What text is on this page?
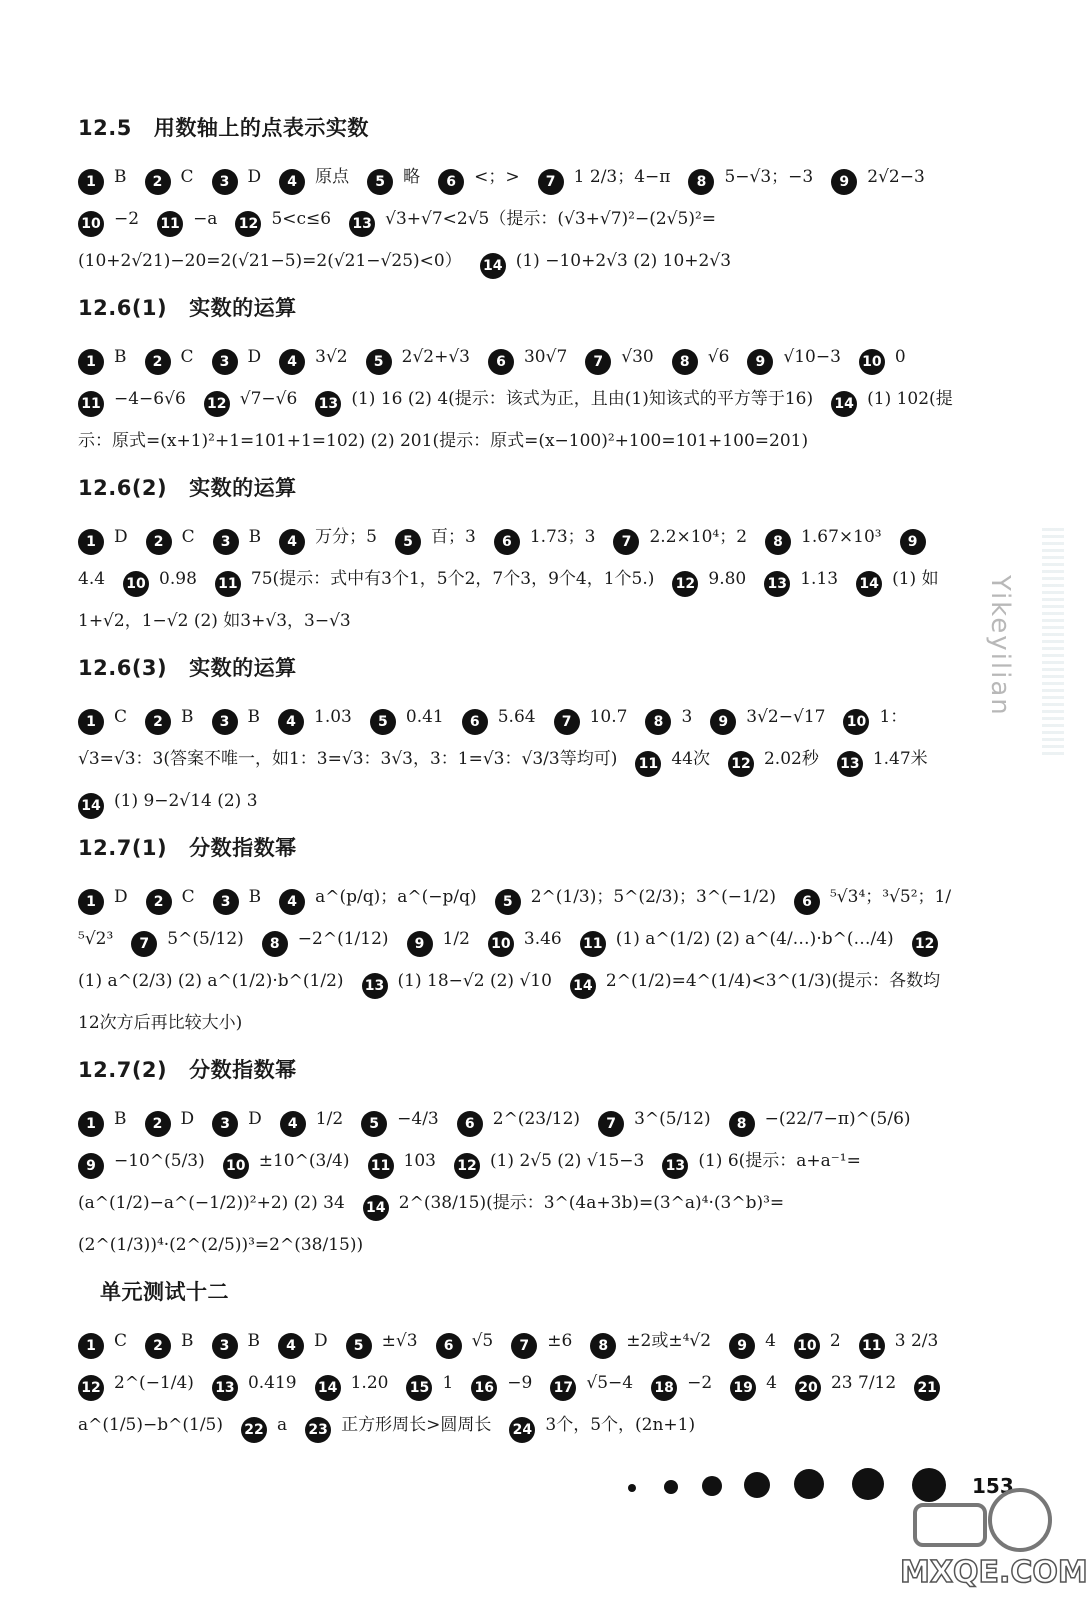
12.5 用数轴上的点表示实数
1 B 2 C 3 D 4 原点 5 略 6 <；> 7 1 2/3；4−π 8 5−√3；−3 9 2√2−310 −2 11 −a 12 5<c≤6 13 √3+√7<2√5（提示：(√3+√7)²−(2√5)²=(10+2√21)−20=2(√21−5)=2(√21−√25)<0） 14 (1) −10+2√3 (2) 10+2√3
12.6(1) 实数的运算
1 B 2 C 3 D 4 3√2 5 2√2+√3 6 30√7 7 √30 8 √6 9 √10−3 10 011 −4−6√6 12 √7−√6 13 (1) 16 (2) 4(提示：该式为正，且由(1)知该式的平方等于16) 14 (1) 102(提示：原式=(x+1)²+1=101+1=102) (2) 201(提示：原式=(x−100)²+100=101+100=201)
12.6(2) 实数的运算
1 D 2 C 3 B 4 万分；5 5 百；3 6 1.73；3 7 2.2×10⁴；2 8 1.67×10³ 94.4 10 0.98 11 75(提示：式中有3个1，5个2，7个3，9个4，1个5.) 12 9.80 13 1.13 14 (1) 如1+√2，1−√2 (2) 如3+√3，3−√3
12.6(3) 实数的运算
1 C 2 B 3 B 4 1.03 5 0.41 6 5.64 7 10.7 8 3 9 3√2−√17 10 1：√3=√3：3(答案不唯一，如1：3=√3：3√3，3：1=√3：√3/3等均可) 11 44次 12 2.02秒 13 1.47米14 (1) 9−2√14 (2) 3
12.7(1) 分数指数幂
1 D 2 C 3 B 4 a^(p/q)；a^(−p/q) 5 2^(1/3)；5^(2/3)；3^(−1/2) 6 ⁵√3⁴；³√5²；1/⁵√2³ 7 5^(5/12) 8 −2^(1/12) 9 1/2 10 3.46 11 (1) a^(1/2) (2) a^(4/…)·b^(…/4) 12(1) a^(2/3) (2) a^(1/2)·b^(1/2) 13 (1) 18−√2 (2) √10 14 2^(1/2)=4^(1/4)<3^(1/3)(提示：各数均12次方后再比较大小)
12.7(2) 分数指数幂
1 B 2 D 3 D 4 1/2 5 −4/3 6 2^(23/12) 7 3^(5/12) 8 −(22/7−π)^(5/6)9 −10^(5/3) 10 ±10^(3/4) 11 103 12 (1) 2√5 (2) √15−3 13 (1) 6(提示：a+a⁻¹=(a^(1/2)−a^(−1/2))²+2) (2) 34 14 2^(38/15)(提示：3^(4a+3b)=(3^a)⁴·(3^b)³=(2^(1/3))⁴·(2^(2/5))³=2^(38/15))
单元测试十二
1 C 2 B 3 B 4 D 5 ±√3 6 √5 7 ±6 8 ±2或±⁴√2 9 4 10 2 11 3 2/312 2^(−1/4) 13 0.419 14 1.20 15 1 16 −9 17 √5−4 18 −2 19 4 20 23 7/12 21a^(1/5)−b^(1/5) 22 a 23 正方形周长>圆周长 24 3个，5个，(2n+1)
Yikeyilian
153
MXQE.COM
